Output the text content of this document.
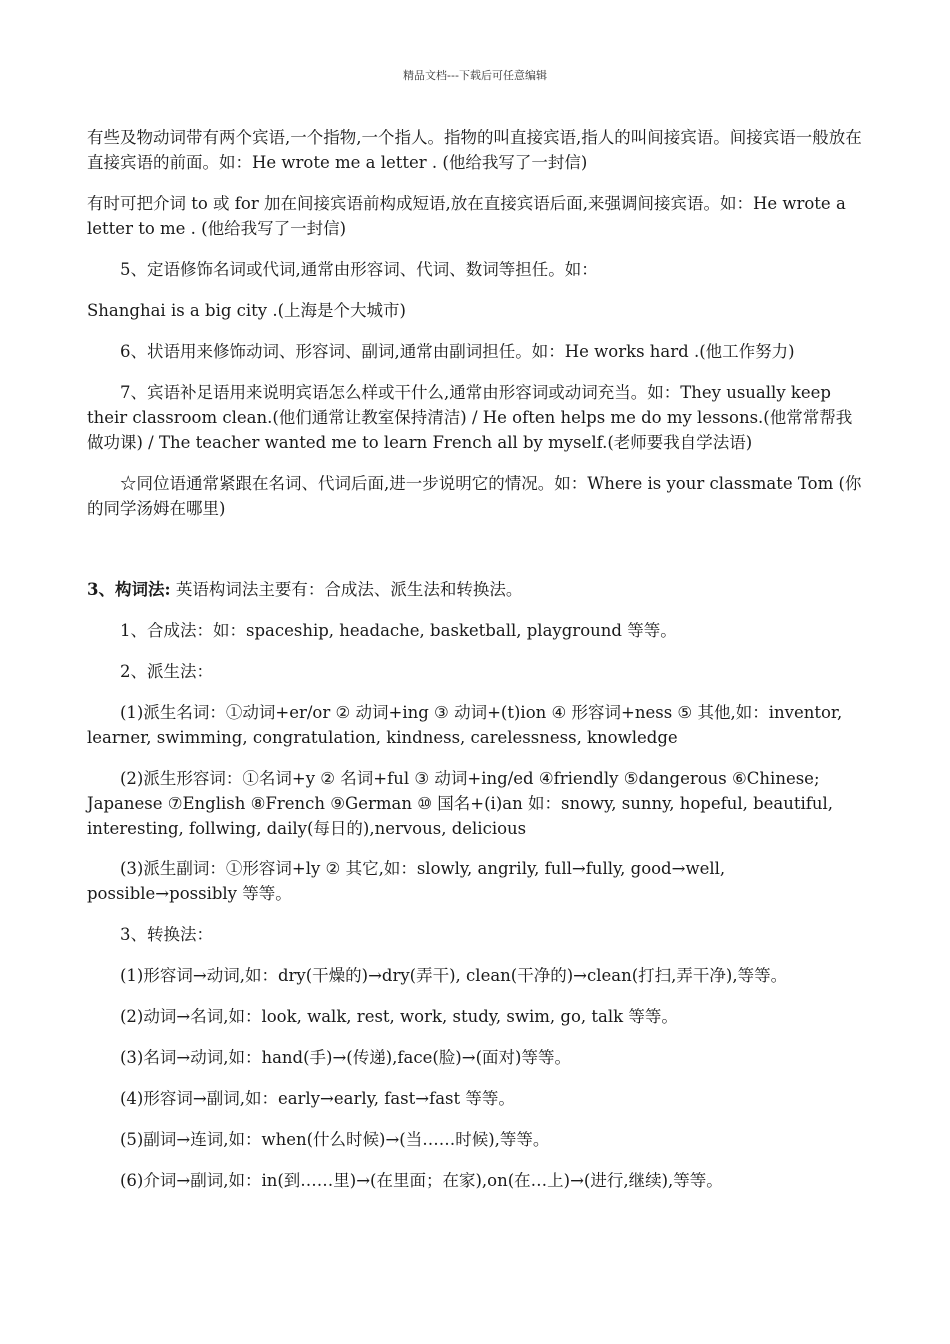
精品文档---下载后可任意编辑

有些及物动词带有两个宾语,一个指物,一个指人。指物的叫直接宾语,指人的叫间接宾语。间接宾语一般放在直接宾语的前面。如：He wrote me a letter . (他给我写了一封信)

有时可把介词 to 或 for 加在间接宾语前构成短语,放在直接宾语后面,来强调间接宾语。如：He wrote a letter to me . (他给我写了一封信)

5、定语修饰名词或代词,通常由形容词、代词、数词等担任。如：

Shanghai is a big city .(上海是个大城市)

6、状语用来修饰动词、形容词、副词,通常由副词担任。如：He works hard .(他工作努力)

7、宾语补足语用来说明宾语怎么样或干什么,通常由形容词或动词充当。如：They usually keep their classroom clean.(他们通常让教室保持清洁) / He often helps me do my lessons.(他常常帮我做功课) / The teacher wanted me to learn French all by myself.(老师要我自学法语)

☆同位语通常紧跟在名词、代词后面,进一步说明它的情况。如：Where is your classmate Tom (你的同学汤姆在哪里)

3、构词法: 英语构词法主要有：合成法、派生法和转换法。

1、合成法：如：spaceship, headache, basketball, playground 等等。

2、派生法：

(1)派生名词：①动词+er/or ② 动词+ing ③ 动词+(t)ion ④ 形容词+ness ⑤ 其他,如：inventor, learner, swimming, congratulation, kindness, carelessness, knowledge

(2)派生形容词：①名词+y ② 名词+ful ③ 动词+ing/ed ④friendly ⑤dangerous ⑥Chinese; Japanese ⑦English ⑧French ⑨German ⑩ 国名+(i)an 如：snowy, sunny, hopeful, beautiful, interesting, follwing, daily(每日的),nervous, delicious

(3)派生副词：①形容词+ly ② 其它,如：slowly, angrily, full→fully, good→well, possible→possibly 等等。

3、转换法：

(1)形容词→动词,如：dry(干燥的)→dry(弄干), clean(干净的)→clean(打扫,弄干净),等等。

(2)动词→名词,如：look, walk, rest, work, study, swim, go, talk 等等。

(3)名词→动词,如：hand(手)→(传递),face(脸)→(面对)等等。

(4)形容词→副词,如：early→early, fast→fast 等等。

(5)副词→连词,如：when(什么时候)→(当……时候),等等。

(6)介词→副词,如：in(到……里)→(在里面；在家),on(在…上)→(进行,继续),等等。
